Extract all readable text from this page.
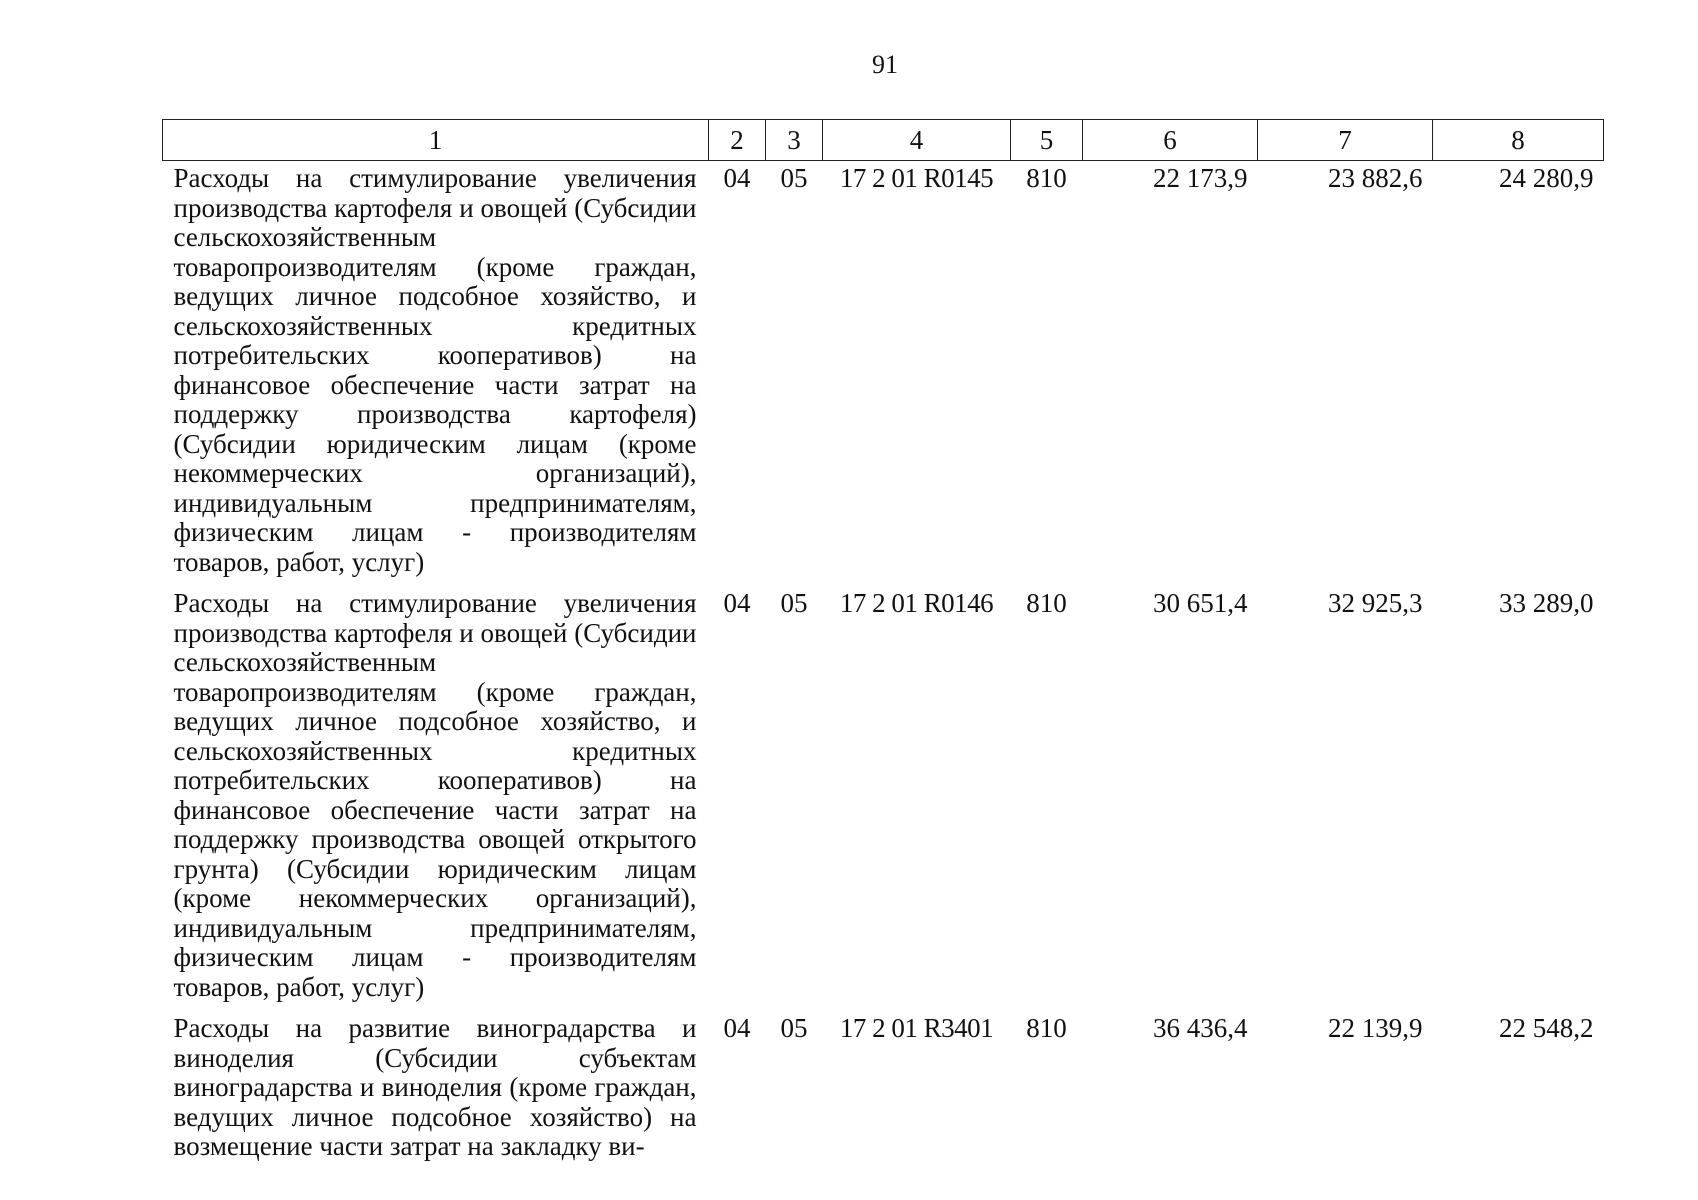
91
1	2	3	4	5	6	7	8
Расходы на стимулирование увеличения производства картофеля и овощей (Субсидии сельскохозяйственным товаропроизводителям (кроме граждан, ведущих личное подсобное хозяйство, и сельскохозяйственных кредитных потребительских кооперативов) на финансовое обеспечение части затрат на поддержку производства картофеля) (Субсидии юридическим лицам (кроме некоммерческих организаций), индивидуальным предпринимателям, физическим лицам - производителям товаров, работ, услуг)	04	05	17 2 01 R0145	810	22 173,9	23 882,6	24 280,9
Расходы на стимулирование увеличения производства картофеля и овощей (Субсидии сельскохозяйственным товаропроизводителям (кроме граждан, ведущих личное подсобное хозяйство, и сельскохозяйственных кредитных потребительских кооперативов) на финансовое обеспечение части затрат на поддержку производства овощей открытого грунта) (Субсидии юридическим лицам (кроме некоммерческих организаций), индивидуальным предпринимателям, физическим лицам - производителям товаров, работ, услуг)	04	05	17 2 01 R0146	810	30 651,4	32 925,3	33 289,0
Расходы на развитие виноградарства и виноделия (Субсидии субъектам виноградарства и виноделия (кроме граждан, ведущих личное подсобное хозяйство) на возмещение части затрат на закладку ви-	04	05	17 2 01 R3401	810	36 436,4	22 139,9	22 548,2
